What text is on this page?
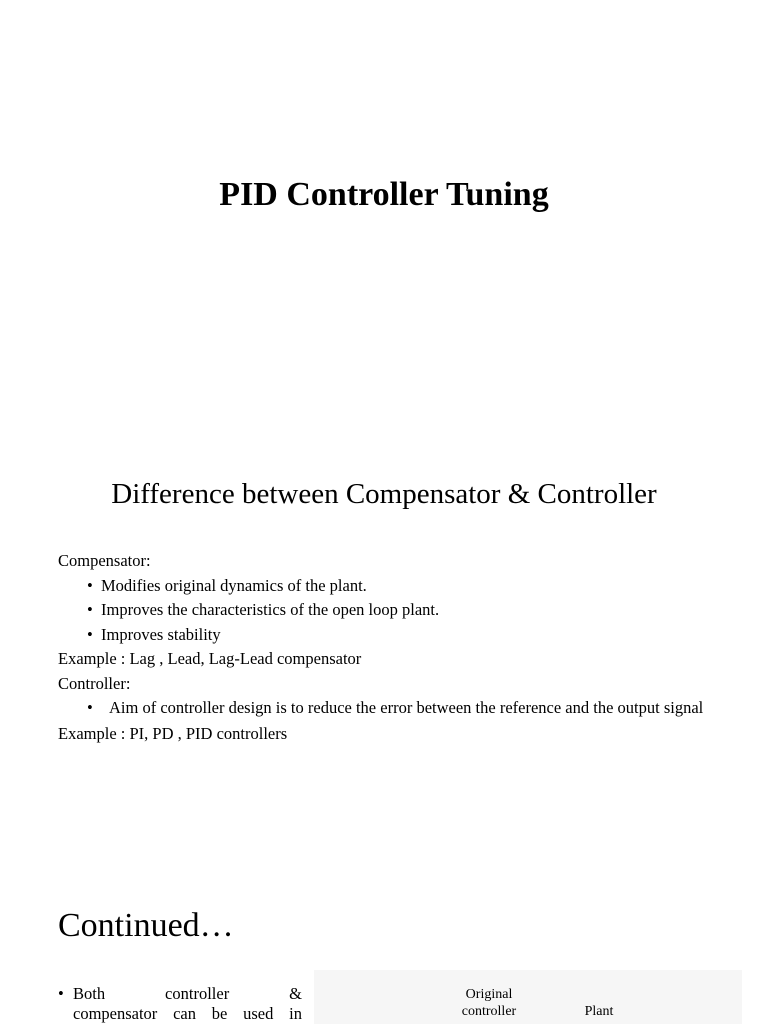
PID Controller Tuning
Difference between Compensator & Controller
Compensator:
• Modifies original dynamics of the plant.
• Improves the characteristics of the open loop plant.
• Improves stability
Example : Lag , Lead, Lag-Lead compensator
Controller:
• Aim of controller design is to reduce the error between the reference and the output signal
Example : PI, PD , PID controllers
Continued…
• Both controller &
compensator can be used in
Original controller	Plant
